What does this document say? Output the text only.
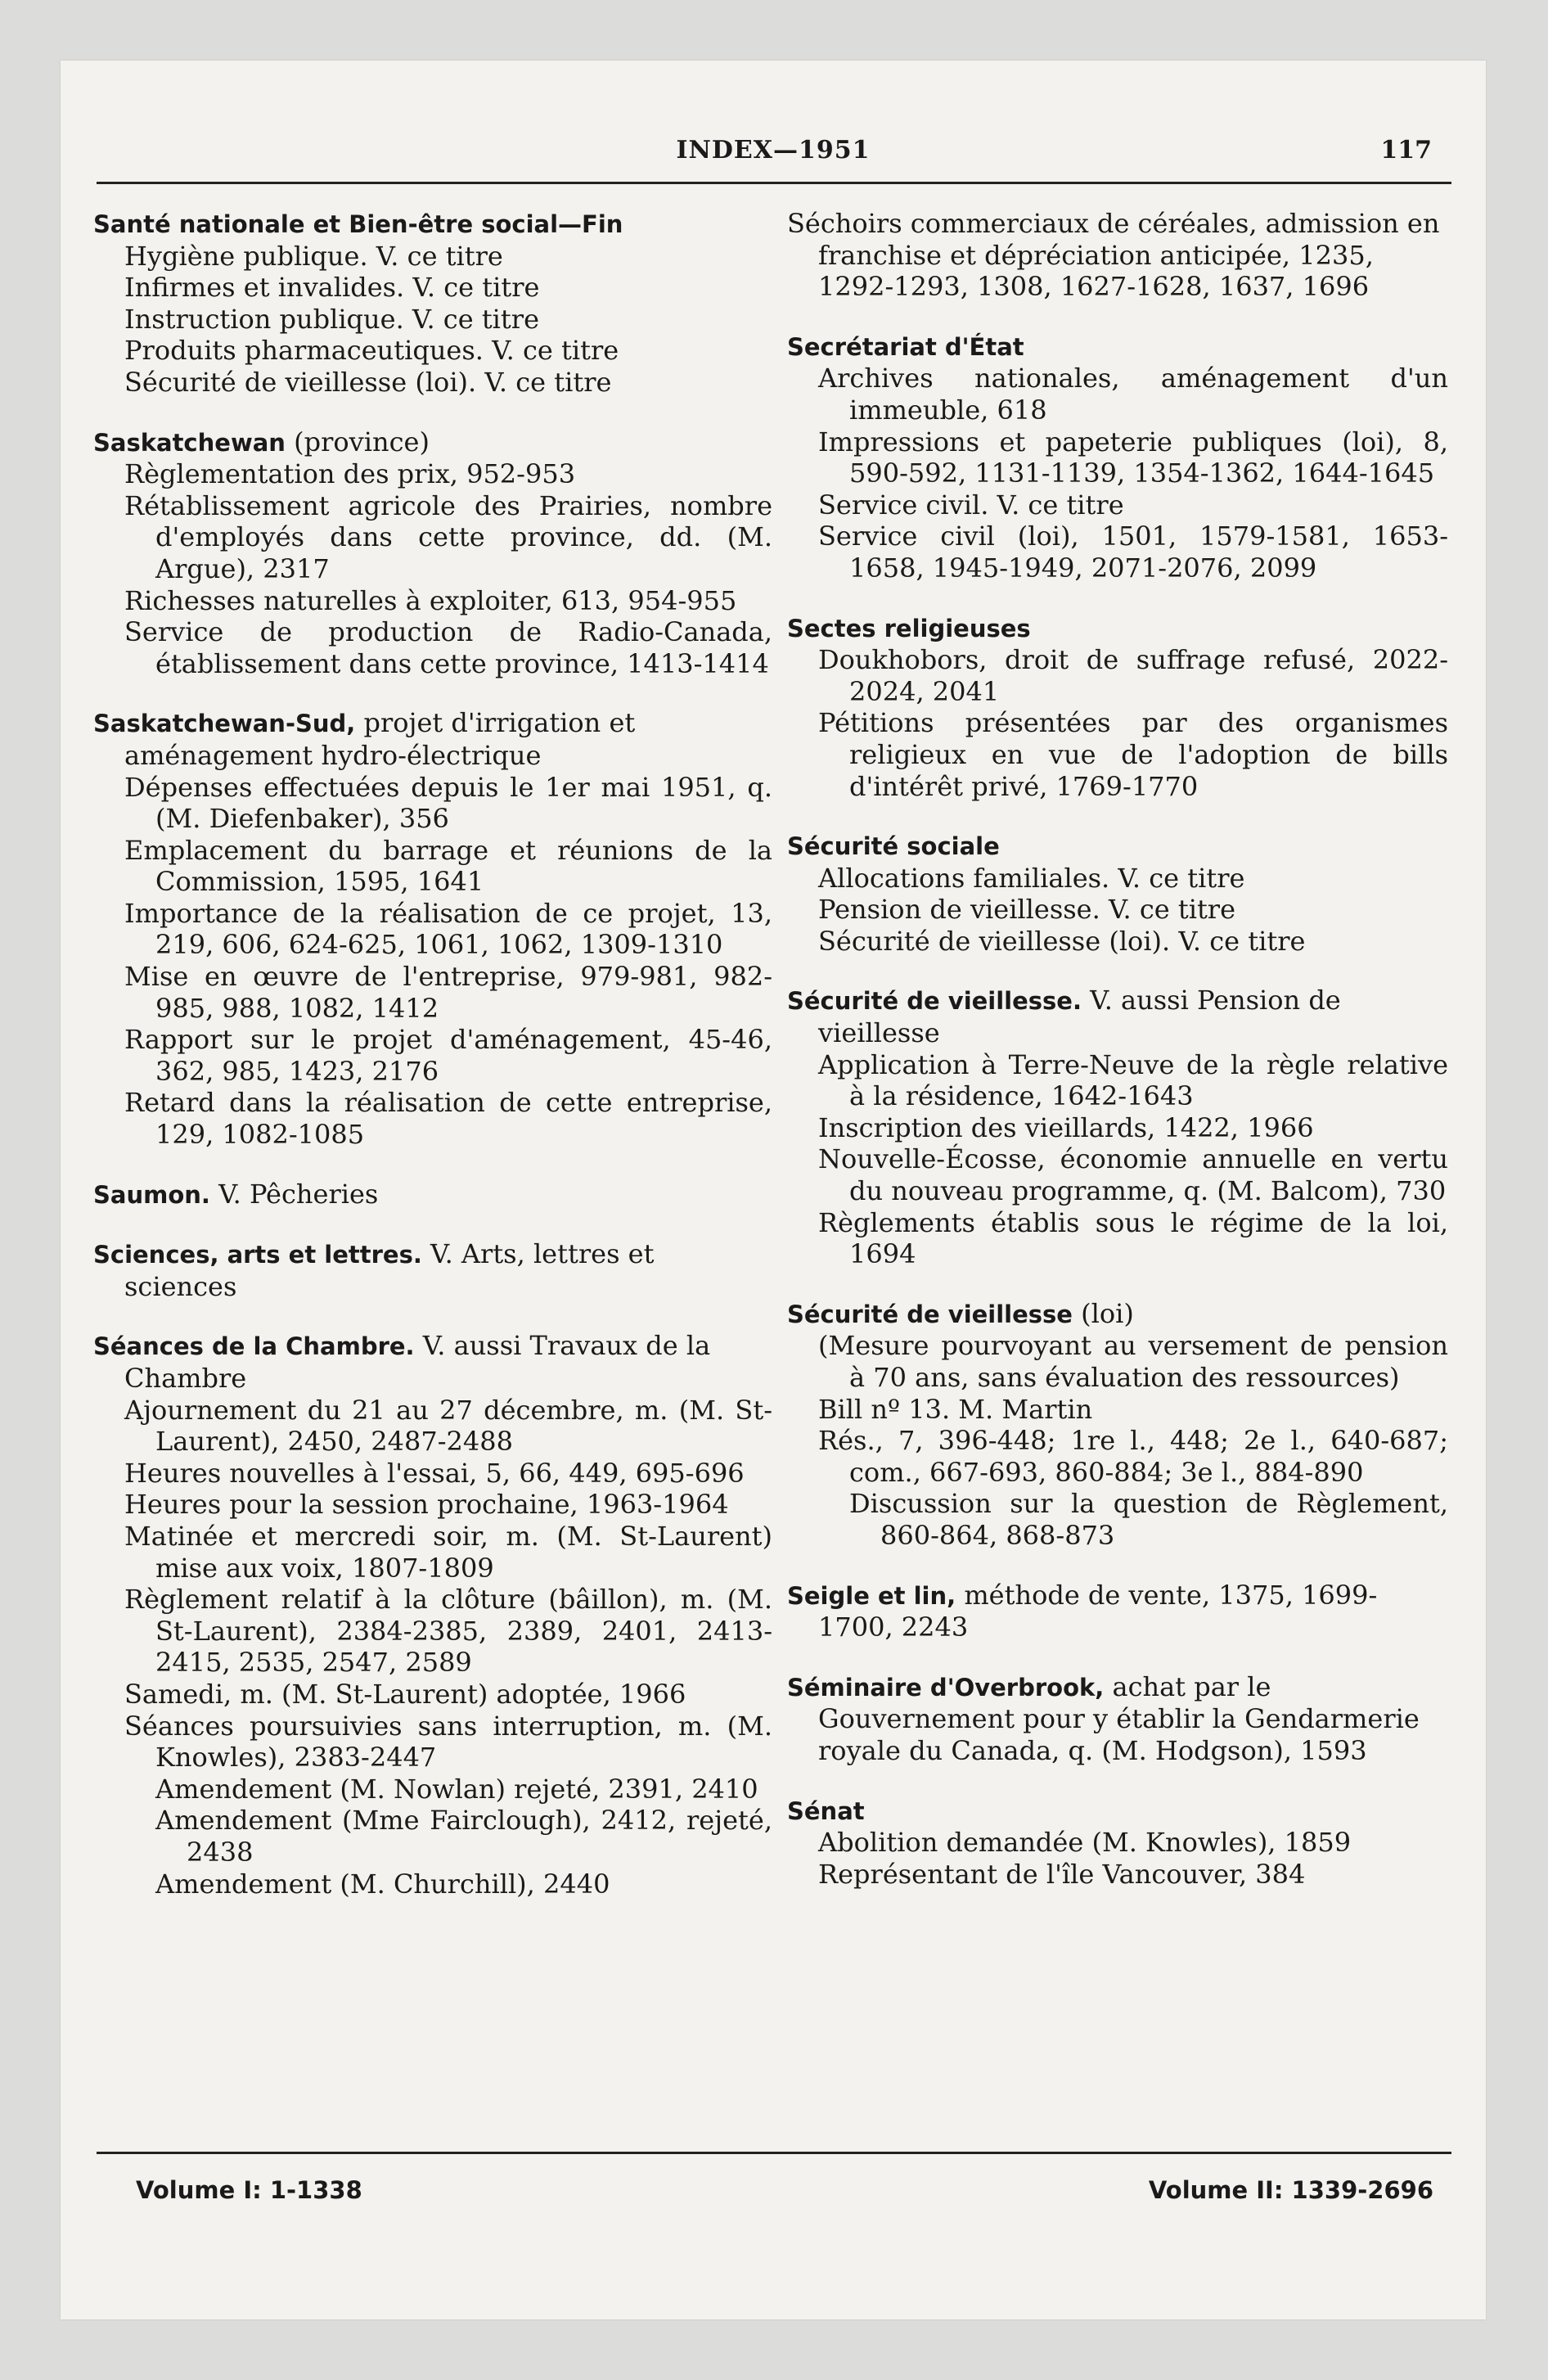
INDEX—1951	117
Santé nationale et Bien-être social—Fin
Hygiène publique. V. ce titre
Infirmes et invalides. V. ce titre
Instruction publique. V. ce titre
Produits pharmaceutiques. V. ce titre
Sécurité de vieillesse (loi). V. ce titre
Saskatchewan (province)
Règlementation des prix, 952-953
Rétablissement agricole des Prairies, nombre d'employés dans cette province, dd. (M. Argue), 2317
Richesses naturelles à exploiter, 613, 954-955
Service de production de Radio-Canada, établissement dans cette province, 1413-1414
Saskatchewan-Sud, projet d'irrigation et aménagement hydro-électrique
Dépenses effectuées depuis le 1er mai 1951, q. (M. Diefenbaker), 356
Emplacement du barrage et réunions de la Commission, 1595, 1641
Importance de la réalisation de ce projet, 13, 219, 606, 624-625, 1061, 1062, 1309-1310
Mise en œuvre de l'entreprise, 979-981, 982-985, 988, 1082, 1412
Rapport sur le projet d'aménagement, 45-46, 362, 985, 1423, 2176
Retard dans la réalisation de cette entreprise, 129, 1082-1085
Saumon. V. Pêcheries
Sciences, arts et lettres. V. Arts, lettres et sciences
Séances de la Chambre. V. aussi Travaux de la Chambre
Ajournement du 21 au 27 décembre, m. (M. St-Laurent), 2450, 2487-2488
Heures nouvelles à l'essai, 5, 66, 449, 695-696
Heures pour la session prochaine, 1963-1964
Matinée et mercredi soir, m. (M. St-Laurent) mise aux voix, 1807-1809
Règlement relatif à la clôture (bâillon), m. (M. St-Laurent), 2384-2385, 2389, 2401, 2413-2415, 2535, 2547, 2589
Samedi, m. (M. St-Laurent) adoptée, 1966
Séances poursuivies sans interruption, m. (M. Knowles), 2383-2447
Amendement (M. Nowlan) rejeté, 2391, 2410
Amendement (Mme Fairclough), 2412, rejeté, 2438
Amendement (M. Churchill), 2440
Séchoirs commerciaux de céréales, admission en franchise et dépréciation anticipée, 1235, 1292-1293, 1308, 1627-1628, 1637, 1696
Secrétariat d'État
Archives nationales, aménagement d'un immeuble, 618
Impressions et papeterie publiques (loi), 8, 590-592, 1131-1139, 1354-1362, 1644-1645
Service civil. V. ce titre
Service civil (loi), 1501, 1579-1581, 1653-1658, 1945-1949, 2071-2076, 2099
Sectes religieuses
Doukhobors, droit de suffrage refusé, 2022-2024, 2041
Pétitions présentées par des organismes religieux en vue de l'adoption de bills d'intérêt privé, 1769-1770
Sécurité sociale
Allocations familiales. V. ce titre
Pension de vieillesse. V. ce titre
Sécurité de vieillesse (loi). V. ce titre
Sécurité de vieillesse. V. aussi Pension de vieillesse
Application à Terre-Neuve de la règle relative à la résidence, 1642-1643
Inscription des vieillards, 1422, 1966
Nouvelle-Écosse, économie annuelle en vertu du nouveau programme, q. (M. Balcom), 730
Règlements établis sous le régime de la loi, 1694
Sécurité de vieillesse (loi)
(Mesure pourvoyant au versement de pension à 70 ans, sans évaluation des ressources)
Bill nº 13. M. Martin
Rés., 7, 396-448; 1re l., 448; 2e l., 640-687; com., 667-693, 860-884; 3e l., 884-890
Discussion sur la question de Règlement, 860-864, 868-873
Seigle et lin, méthode de vente, 1375, 1699-1700, 2243
Séminaire d'Overbrook, achat par le Gouvernement pour y établir la Gendarmerie royale du Canada, q. (M. Hodgson), 1593
Sénat
Abolition demandée (M. Knowles), 1859
Représentant de l'île Vancouver, 384
Volume I: 1-1338	Volume II: 1339-2696
